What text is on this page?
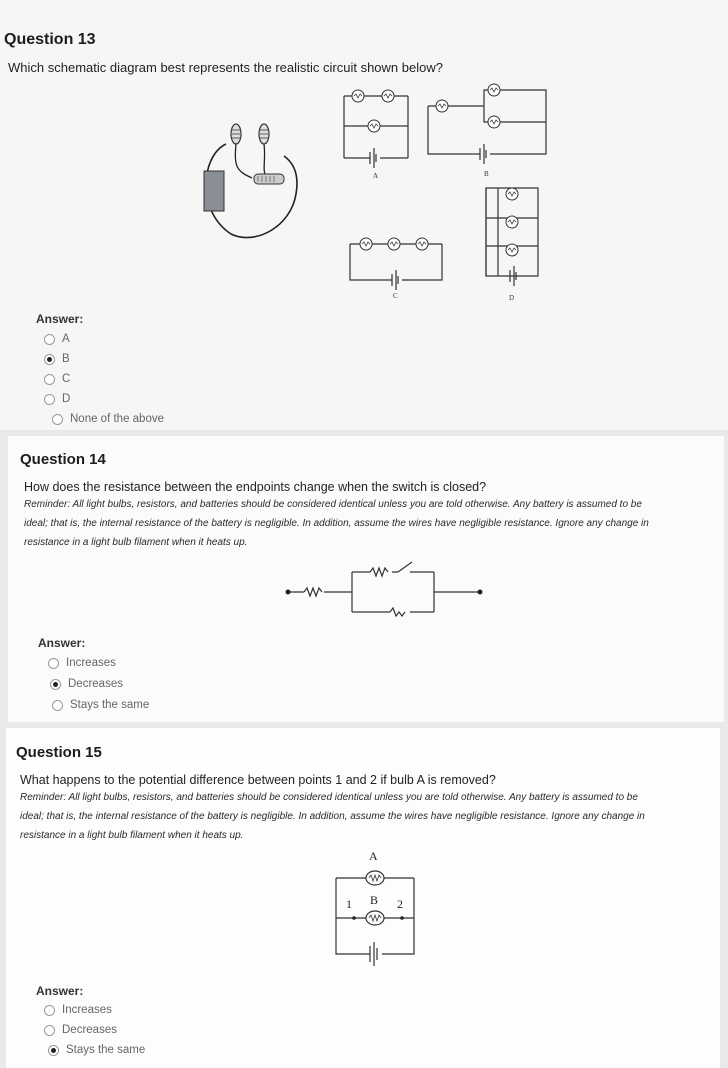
Question 13
Which schematic diagram best represents the realistic circuit shown below?
A	B
C	D
Answer:
A
B
C
D
None of the above
Question 14
How does the resistance between the endpoints change when the switch is closed?
Reminder: All light bulbs, resistors, and batteries should be considered identical unless you are told otherwise. Any battery is assumed to be ideal; that is, the internal resistance of the battery is negligible. In addition, assume the wires have negligible resistance. Ignore any change in resistance in a light bulb filament when it heats up.
Answer:
Increases
Decreases
Stays the same
Question 15
What happens to the potential difference between points 1 and 2 if bulb A is removed?
Reminder: All light bulbs, resistors, and batteries should be considered identical unless you are told otherwise. Any battery is assumed to be ideal; that is, the internal resistance of the battery is negligible. In addition, assume the wires have negligible resistance. Ignore any change in resistance in a light bulb filament when it heats up.
A
1 B 2
Answer:
Increases
Decreases
Stays the same
